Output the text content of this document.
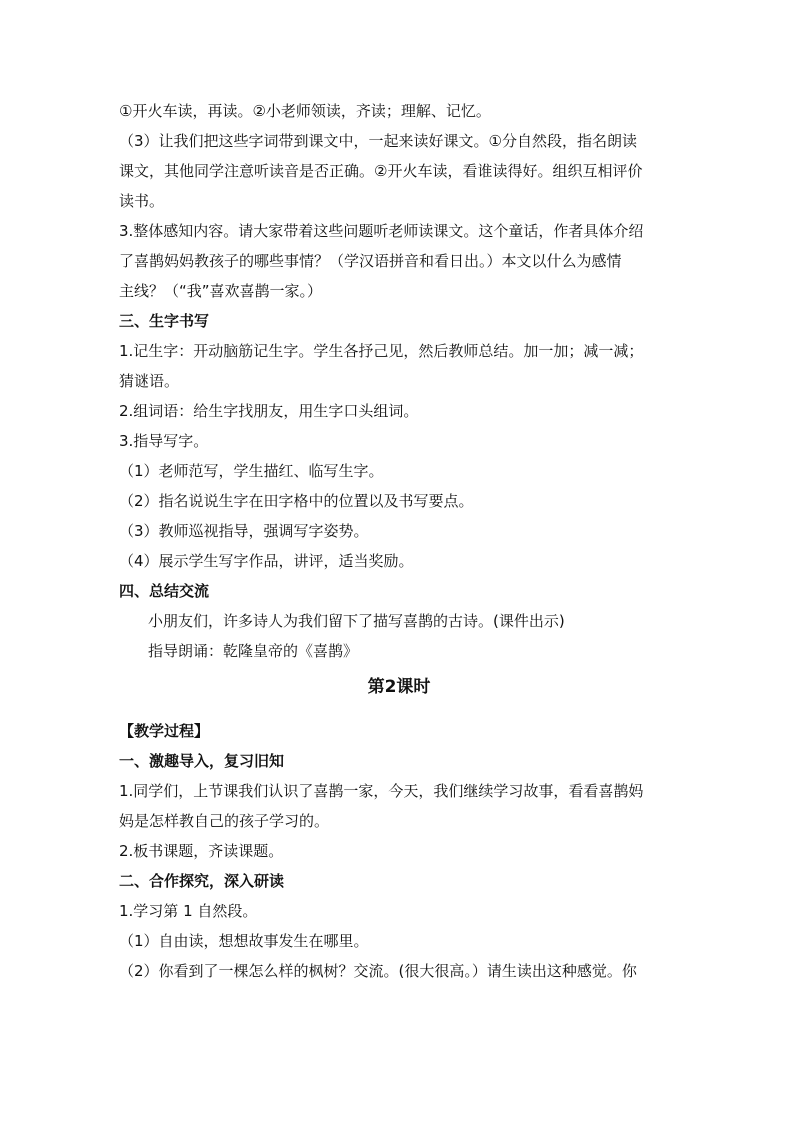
①开火车读，再读。②小老师领读，齐读；理解、记忆。

（3）让我们把这些字词带到课文中，一起来读好课文。①分自然段，指名朗读

课文，其他同学注意听读音是否正确。②开火车读，看谁读得好。组织互相评价

读书。

3.整体感知内容。请大家带着这些问题听老师读课文。这个童话，作者具体介绍

了喜鹊妈妈教孩子的哪些事情？（学汉语拼音和看日出。）本文以什么为感情

主线？（“我”喜欢喜鹊一家。）

三、生字书写

1.记生字：开动脑筋记生字。学生各抒己见，然后教师总结。加一加；减一减；

猜谜语。

2.组词语：给生字找朋友，用生字口头组词。

3.指导写字。

（1）老师范写，学生描红、临写生字。

（2）指名说说生字在田字格中的位置以及书写要点。

（3）教师巡视指导，强调写字姿势。

（4）展示学生写字作品，讲评，适当奖励。

四、总结交流

小朋友们，许多诗人为我们留下了描写喜鹊的古诗。(课件出示)

指导朗诵：乾隆皇帝的《喜鹊》

第2课时

【教学过程】

一、激趣导入，复习旧知

1.同学们，上节课我们认识了喜鹊一家，今天，我们继续学习故事，看看喜鹊妈

妈是怎样教自己的孩子学习的。

2.板书课题，齐读课题。

二、合作探究，深入研读

1.学习第 1 自然段。

（1）自由读，想想故事发生在哪里。

（2）你看到了一棵怎么样的枫树？交流。(很大很高。）请生读出这种感觉。你
